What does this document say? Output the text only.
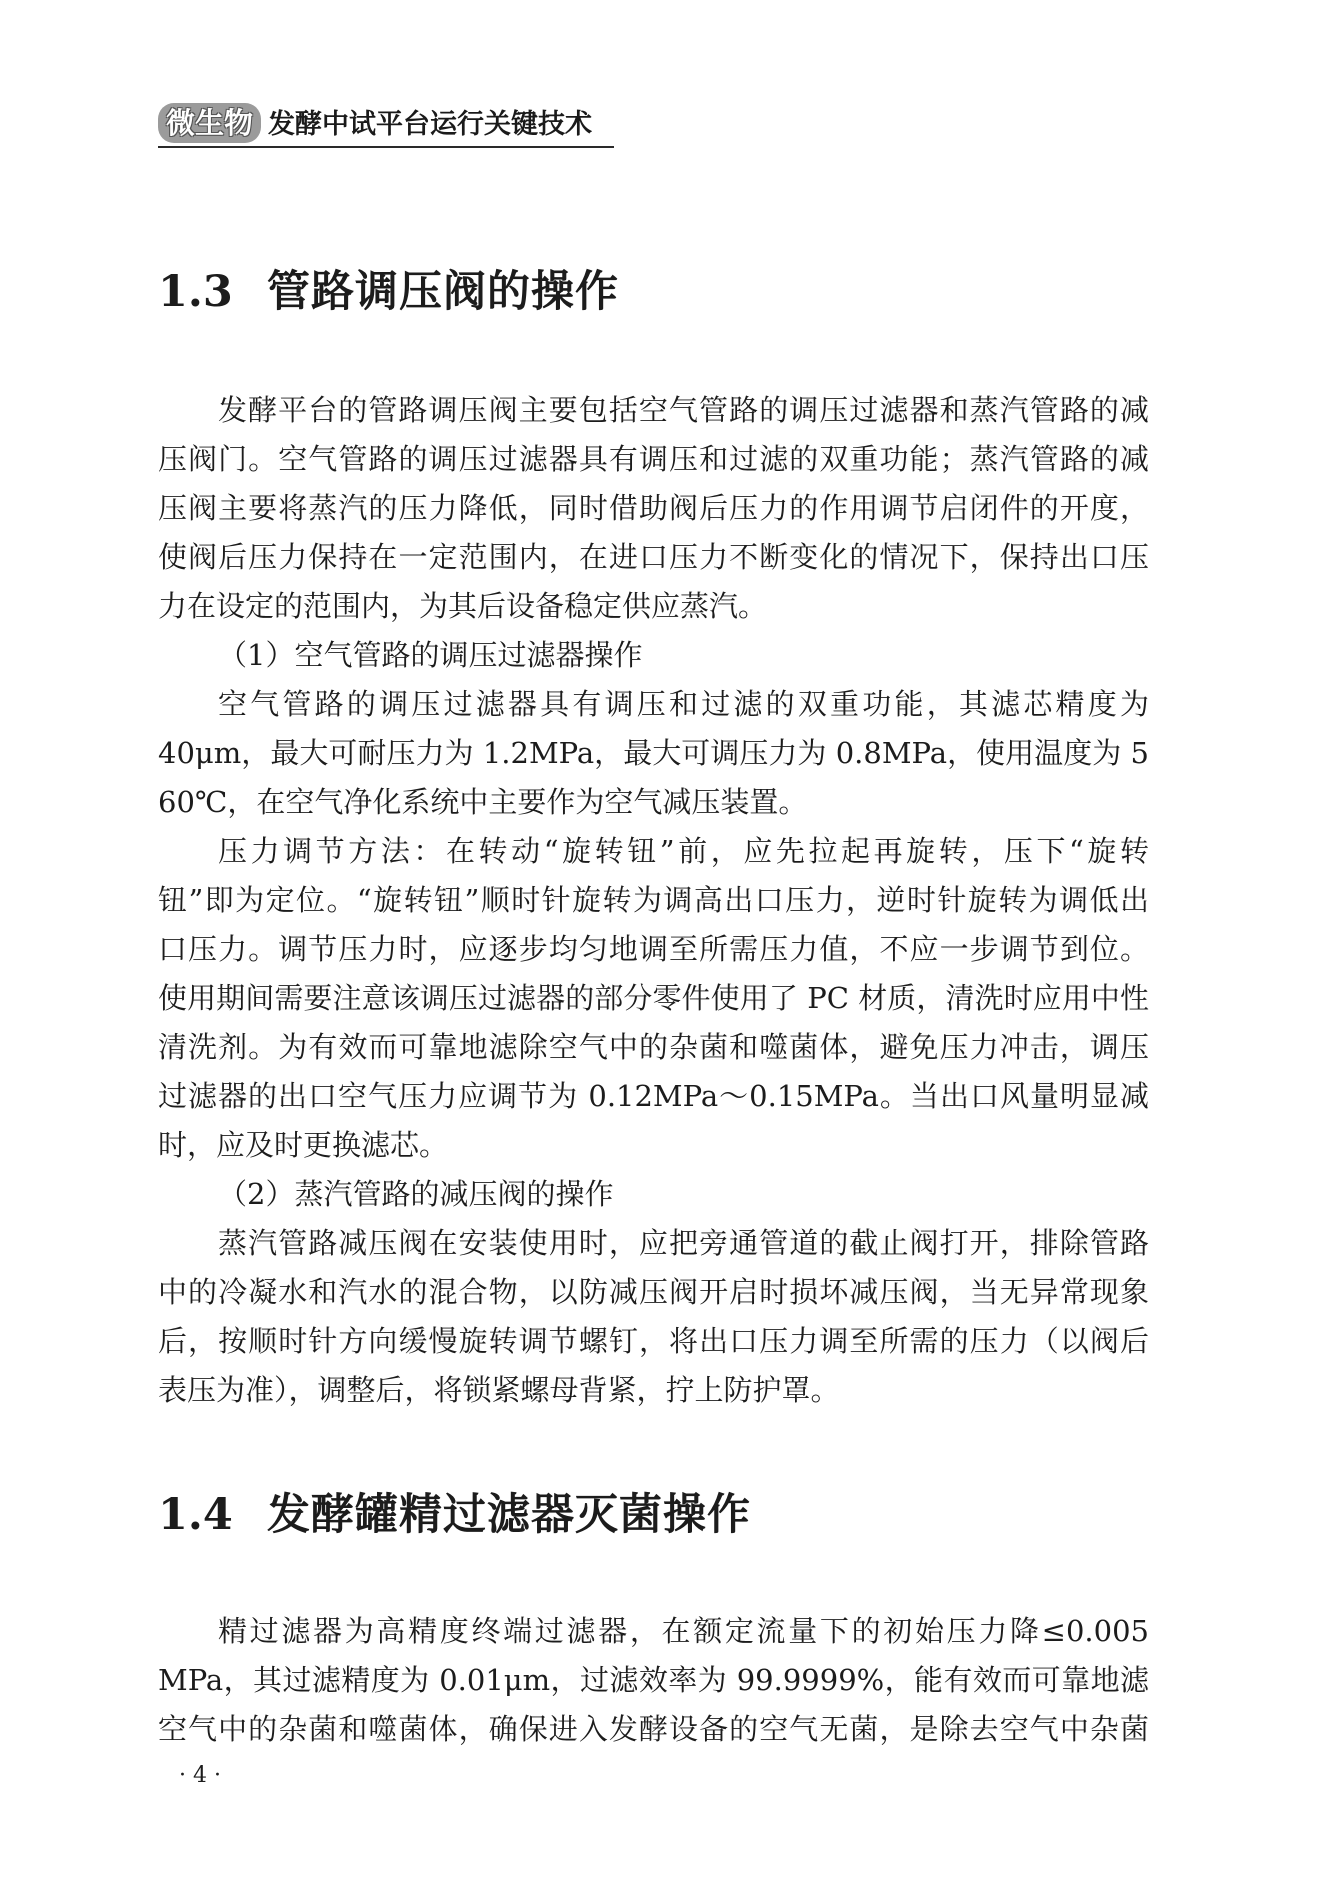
微生物 发酵中试平台运行关键技术
1.3 管路调压阀的操作
发酵平台的管路调压阀主要包括空气管路的调压过滤器和蒸汽管路的减
压阀门。空气管路的调压过滤器具有调压和过滤的双重功能；蒸汽管路的减
压阀主要将蒸汽的压力降低，同时借助阀后压力的作用调节启闭件的开度，
使阀后压力保持在一定范围内，在进口压力不断变化的情况下，保持出口压
力在设定的范围内，为其后设备稳定供应蒸汽。
（1）空气管路的调压过滤器操作
空气管路的调压过滤器具有调压和过滤的双重功能，其滤芯精度为
40μm，最大可耐压力为 1.2MPa，最大可调压力为 0.8MPa，使用温度为 5
60℃，在空气净化系统中主要作为空气减压装置。
压力调节方法：在转动“旋转钮”前，应先拉起再旋转，压下“旋转
钮”即为定位。“旋转钮”顺时针旋转为调高出口压力，逆时针旋转为调低出
口压力。调节压力时，应逐步均匀地调至所需压力值，不应一步调节到位。
使用期间需要注意该调压过滤器的部分零件使用了 PC 材质，清洗时应用中性
清洗剂。为有效而可靠地滤除空气中的杂菌和噬菌体，避免压力冲击，调压
过滤器的出口空气压力应调节为 0.12MPa～0.15MPa。当出口风量明显减
时，应及时更换滤芯。
（2）蒸汽管路的减压阀的操作
蒸汽管路减压阀在安装使用时，应把旁通管道的截止阀打开，排除管路
中的冷凝水和汽水的混合物，以防减压阀开启时损坏减压阀，当无异常现象
后，按顺时针方向缓慢旋转调节螺钉，将出口压力调至所需的压力（以阀后
表压为准），调整后，将锁紧螺母背紧，拧上防护罩。
1.4 发酵罐精过滤器灭菌操作
精过滤器为高精度终端过滤器，在额定流量下的初始压力降≤0.005
MPa，其过滤精度为 0.01μm，过滤效率为 99.9999%，能有效而可靠地滤
空气中的杂菌和噬菌体，确保进入发酵设备的空气无菌，是除去空气中杂菌
· 4 ·
